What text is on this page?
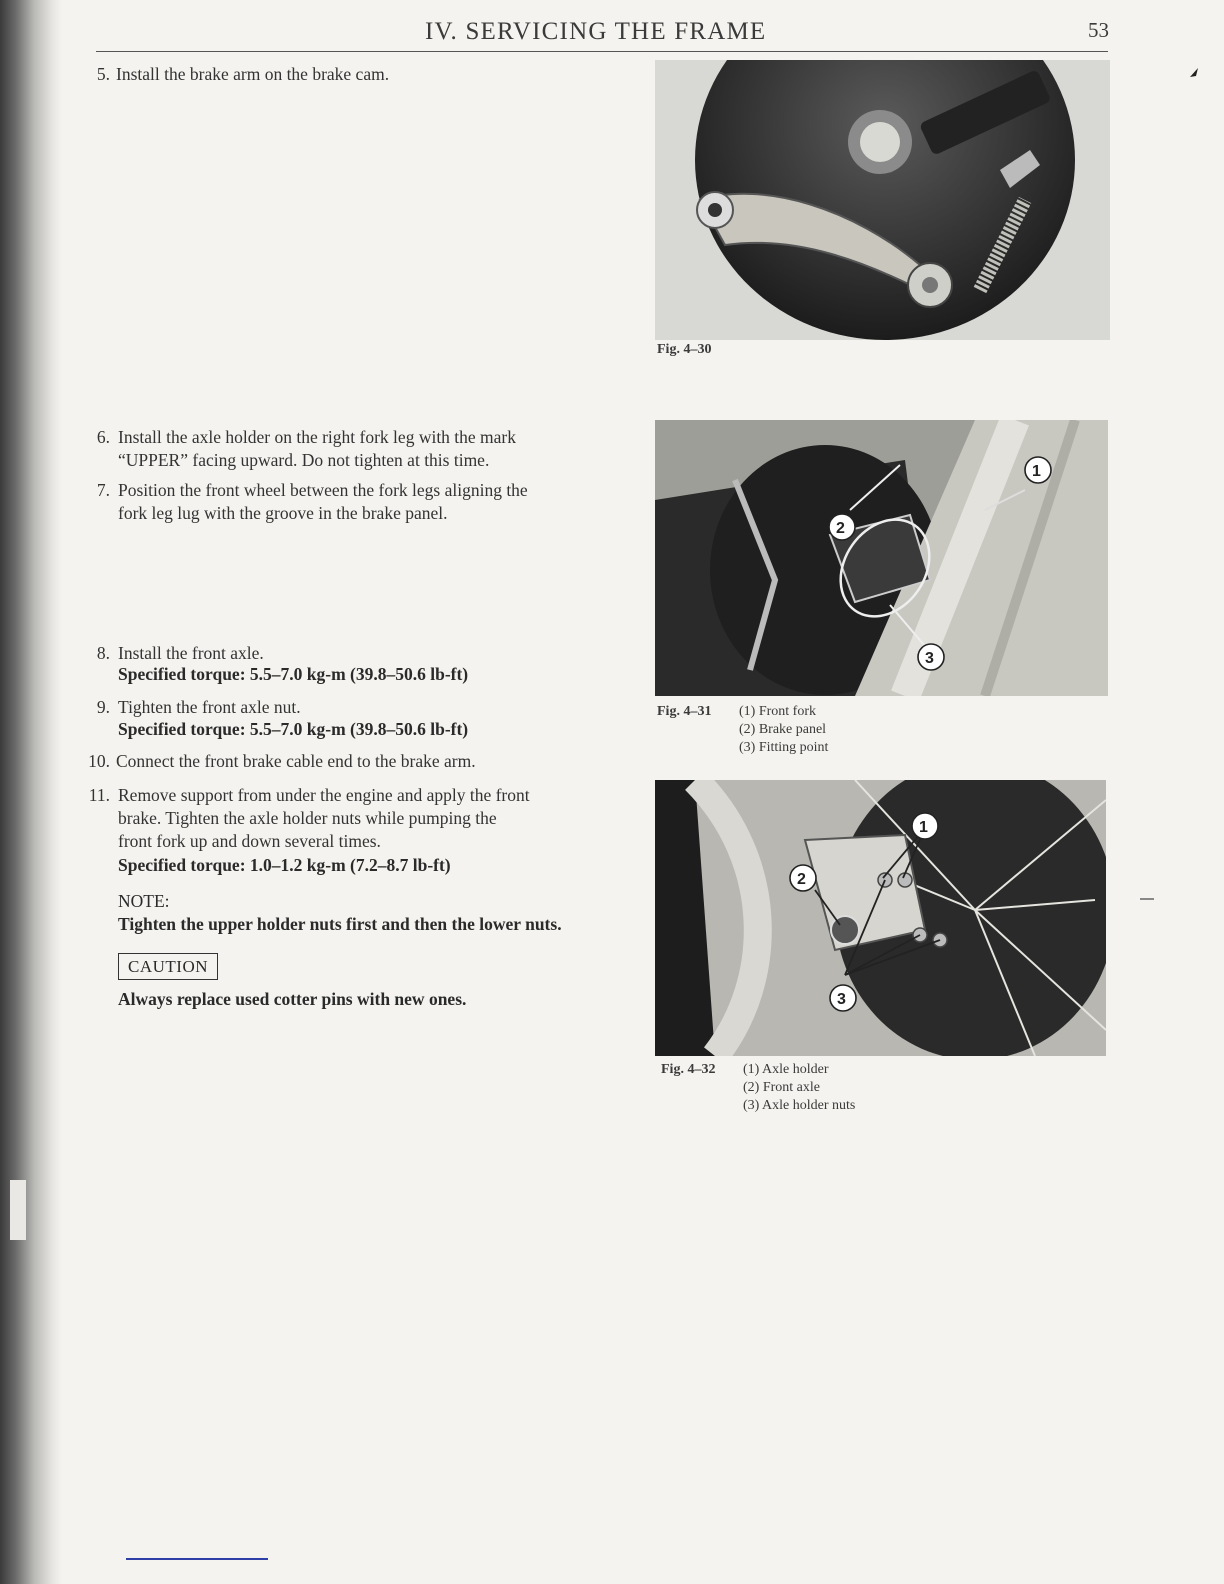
IV. SERVICING THE FRAME	53
5. Install the brake arm on the brake cam.
6. Install the axle holder on the right fork leg with the mark
“UPPER” facing upward. Do not tighten at this time.
7. Position the front wheel between the fork legs aligning the
fork leg lug with the groove in the brake panel.
8. Install the front axle.
Specified torque: 5.5–7.0 kg-m (39.8–50.6 lb-ft)
9. Tighten the front axle nut.
Specified torque: 5.5–7.0 kg-m (39.8–50.6 lb-ft)
10. Connect the front brake cable end to the brake arm.
11. Remove support from under the engine and apply the front
brake. Tighten the axle holder nuts while pumping the
front fork up and down several times.
Specified torque: 1.0–1.2 kg-m (7.2–8.7 lb-ft)
NOTE:
Tighten the upper holder nuts first and then the lower nuts.
CAUTION
Always replace used cotter pins with new ones.
Fig. 4–30
1
2
3
Fig. 4–31 (1) Front fork
(2) Brake panel
(3) Fitting point
1
2
3
Fig. 4–32 (1) Axle holder
(2) Front axle
(3) Axle holder nuts
